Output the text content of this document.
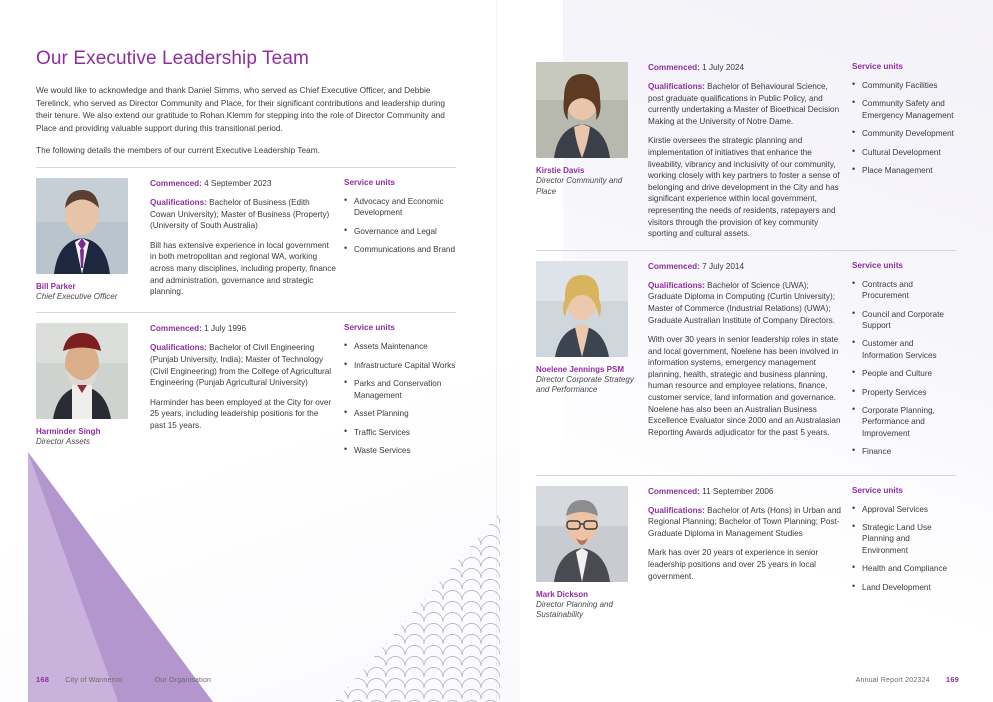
Our Executive Leadership Team

We would like to acknowledge and thank Daniel Simms, who served as Chief Executive Officer, and Debbie Terelinck, who served as Director Community and Place, for their significant contributions and leadership during their tenure. We also extend our gratitude to Rohan Klemm for stepping into the role of Director Community and Place and providing valuable support during this transitional period.

The following details the members of our current Executive Leadership Team.

Bill Parker
Chief Executive Officer
Commenced: 4 September 2023
Qualifications: Bachelor of Business (Edith Cowan University); Master of Business (Property) (University of South Australia)
Bill has extensive experience in local government in both metropolitan and regional WA, working across many disciplines, including property, finance and administration, governance and strategic planning.
Service units
• Advocacy and Economic Development
• Governance and Legal
• Communications and Brand
Harminder Singh
Director Assets
Commenced: 1 July 1996
Qualifications: Bachelor of Civil Engineering (Punjab University, India); Master of Technology (Civil Engineering) from the College of Agricultural Engineering (Punjab Agricultural University)
Harminder has been employed at the City for over 25 years, including leadership positions for the past 15 years.
Service units
• Assets Maintenance
• Infrastructure Capital Works
• Parks and Conservation Management
• Asset Planning
• Traffic Services
• Waste Services
Kirstie Davis
Director Community and Place
Commenced: 1 July 2024
Qualifications: Bachelor of Behavioural Science, post graduate qualifications in Public Policy, and currently undertaking a Master of Bioethical Decision Making at the University of Notre Dame.
Kirstie oversees the strategic planning and implementation of initiatives that enhance the liveability, vibrancy and inclusivity of our community, working closely with key partners to foster a sense of belonging and drive development in the City and has significant experience within local government, representing the needs of residents, ratepayers and visitors through the provision of key community sporting and cultural assets.
Service units
• Community Facilities
• Community Safety and Emergency Management
• Community Development
• Cultural Development
• Place Management
Noelene Jennings PSM
Director Corporate Strategy and Performance
Commenced: 7 July 2014
Qualifications: Bachelor of Science (UWA); Graduate Diploma in Computing (Curtin University); Master of Commerce (Industrial Relations) (UWA); Graduate Australian Institute of Company Directors.
With over 30 years in senior leadership roles in state and local government, Noelene has been involved in information systems, emergency management planning, health, strategic and business planning, human resource and employee relations, finance, customer service, land information and governance. Noelene has also been an Australian Business Excellence Evaluator since 2000 and an Australasian Reporting Awards adjudicator for the past 5 years.
Service units
• Contracts and Procurement
• Council and Corporate Support
• Customer and Information Services
• People and Culture
• Property Services
• Corporate Planning, Performance and Improvement
• Finance
Mark Dickson
Director Planning and Sustainability
Commenced: 11 September 2006
Qualifications: Bachelor of Arts (Hons) in Urban and Regional Planning; Bachelor of Town Planning; Post-Graduate Diploma in Management Studies
Mark has over 20 years of experience in senior leadership positions and over 25 years in local government.
Service units
• Approval Services
• Strategic Land Use Planning and Environment
• Health and Compliance
• Land Development
168 City of Wanneroo	Our Organisation	Annual Report 202324 169
